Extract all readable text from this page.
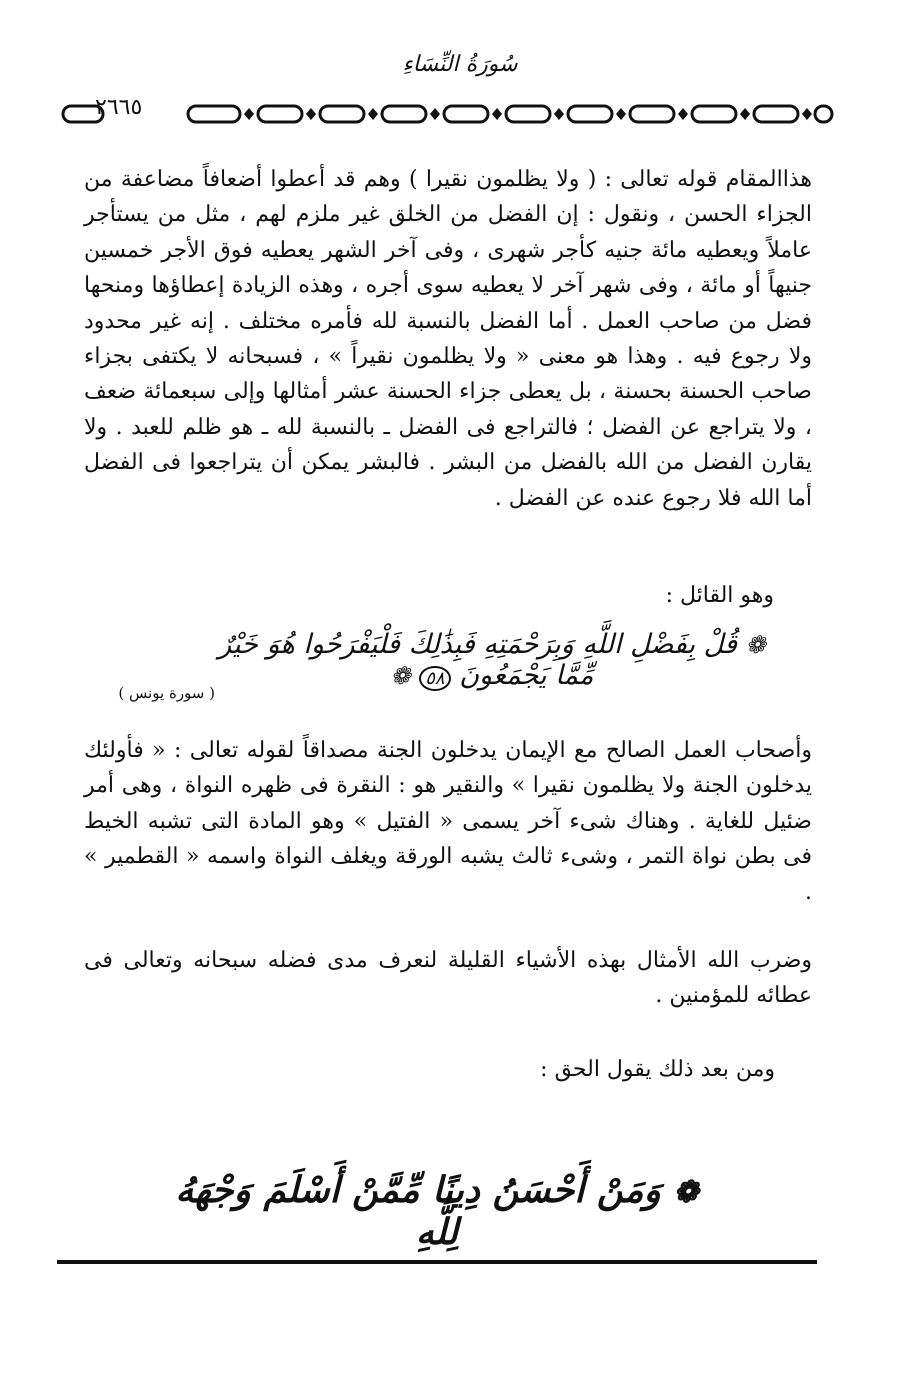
سُورَةُ النِّسَاءِ
٢٦٦٥
هذاالمقام قوله تعالى : ( ولا يظلمون نقيرا ) وهم قد أعطوا أضعافاً مضاعفة من الجزاء الحسن ، ونقول : إن الفضل من الخلق غير ملزم لهم ، مثل من يستأجر عاملاً ويعطيه مائة جنيه كأجر شهرى ، وفى آخر الشهر يعطيه فوق الأجر خمسين جنيهاً أو مائة ، وفى شهر آخر لا يعطيه سوى أجره ، وهذه الزيادة إعطاؤها ومنحها فضل من صاحب العمل . أما الفضل بالنسبة لله فأمره مختلف . إنه غير محدود ولا رجوع فيه . وهذا هو معنى « ولا يظلمون نقيراً » ، فسبحانه لا يكتفى بجزاء صاحب الحسنة بحسنة ، بل يعطى جزاء الحسنة عشر أمثالها وإلى سبعمائة ضعف ، ولا يتراجع عن الفضل ؛ فالتراجع فى الفضل ـ بالنسبة لله ـ هو ظلم للعبد . ولا يقارن الفضل من الله بالفضل من البشر . فالبشر يمكن أن يتراجعوا فى الفضل أما الله فلا رجوع عنده عن الفضل .
وهو القائل :
❁ قُلْ بِفَضْلِ اللَّهِ وَبِرَحْمَتِهِ فَبِذَٰلِكَ فَلْيَفْرَحُوا هُوَ خَيْرٌ مِّمَّا يَجْمَعُونَ ٥٨ ❁
( سورة يونس )
وأصحاب العمل الصالح مع الإيمان يدخلون الجنة مصداقاً لقوله تعالى : « فأولئك يدخلون الجنة ولا يظلمون نقيرا » والنقير هو : النقرة فى ظهره النواة ، وهى أمر ضئيل للغاية . وهناك شىء آخر يسمى « الفتيل » وهو المادة التى تشبه الخيط فى بطن نواة التمر ، وشىء ثالث يشبه الورقة ويغلف النواة واسمه « القطمير » .
وضرب الله الأمثال بهذه الأشياء القليلة لنعرف مدى فضله سبحانه وتعالى فى عطائه للمؤمنين .
ومن بعد ذلك يقول الحق :
❁ وَمَنْ أَحْسَنُ دِينًا مِّمَّنْ أَسْلَمَ وَجْهَهُ لِلَّهِ
